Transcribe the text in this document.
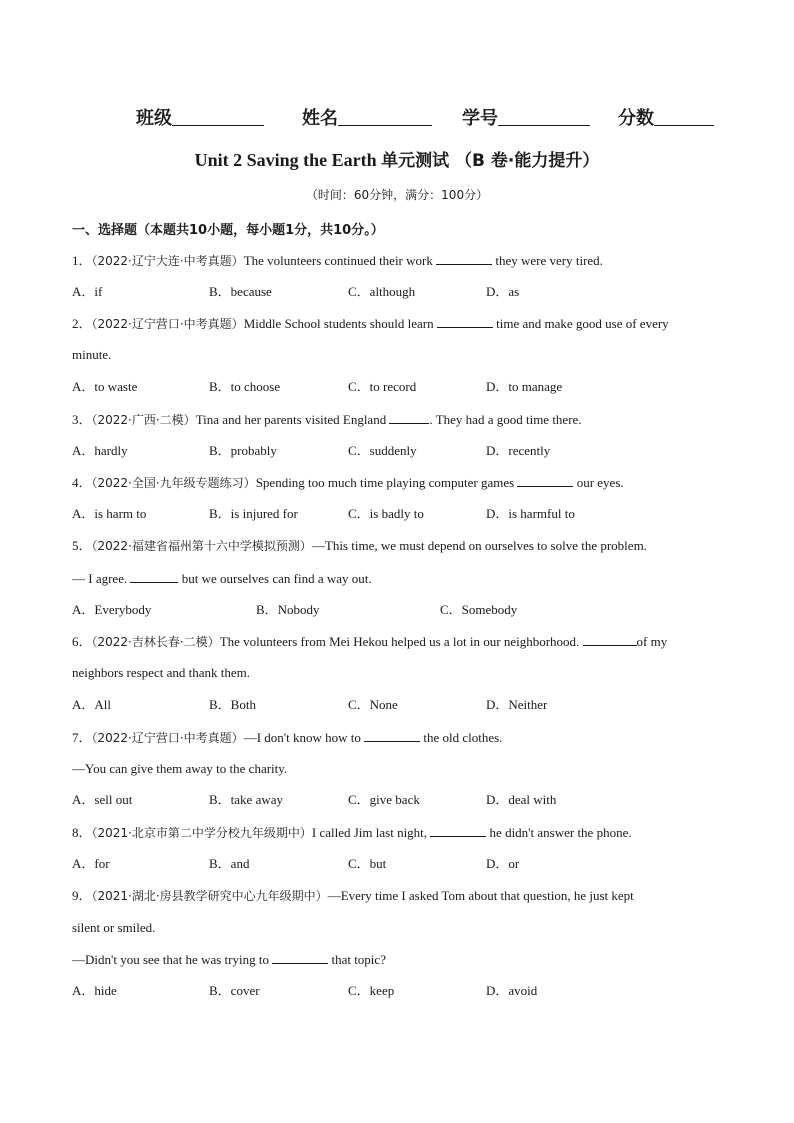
班级	姓名	学号	分数
Unit 2 Saving the Earth 单元测试 （B 卷·能力提升）
（时间：60分钟，满分：100分）
一、选择题（本题共10小题，每小题1分，共10分。）
1．（2022·辽宁大连·中考真题）The volunteers continued their work	they were very tired.
A．if	B．because	C．although	D．as
2．（2022·辽宁营口·中考真题）Middle School students should learn	time and make good use of every
minute.
A．to waste	B．to choose	C．to record	D．to manage
3．（2022·广西·二模）Tina and her parents visited England	. They had a good time there.
A．hardly	B．probably	C．suddenly	D．recently
4．（2022·全国·九年级专题练习）Spending too much time playing computer games	our eyes.
A．is harm to	B．is injured for	C．is badly to	D．is harmful to
5．（2022·福建省福州第十六中学模拟预测）—This time, we must depend on ourselves to solve the problem.
— I agree.	but we ourselves can find a way out.
A．Everybody	B．Nobody	C．Somebody
6．（2022·吉林长春·二模）The volunteers from Mei Hekou helped us a lot in our neighborhood.	of my
neighbors respect and thank them.
A．All	B．Both	C．None	D．Neither
7．（2022·辽宁营口·中考真题）—I don't know how to	the old clothes.
—You can give them away to the charity.
A．sell out	B．take away	C．give back	D．deal with
8．（2021·北京市第二中学分校九年级期中）I called Jim last night,	he didn't answer the phone.
A．for	B．and	C．but	D．or
9．（2021·湖北·房县教学研究中心九年级期中）—Every time I asked Tom about that question, he just kept
silent or smiled.
—Didn't you see that he was trying to	that topic?
A．hide	B．cover	C．keep	D．avoid
